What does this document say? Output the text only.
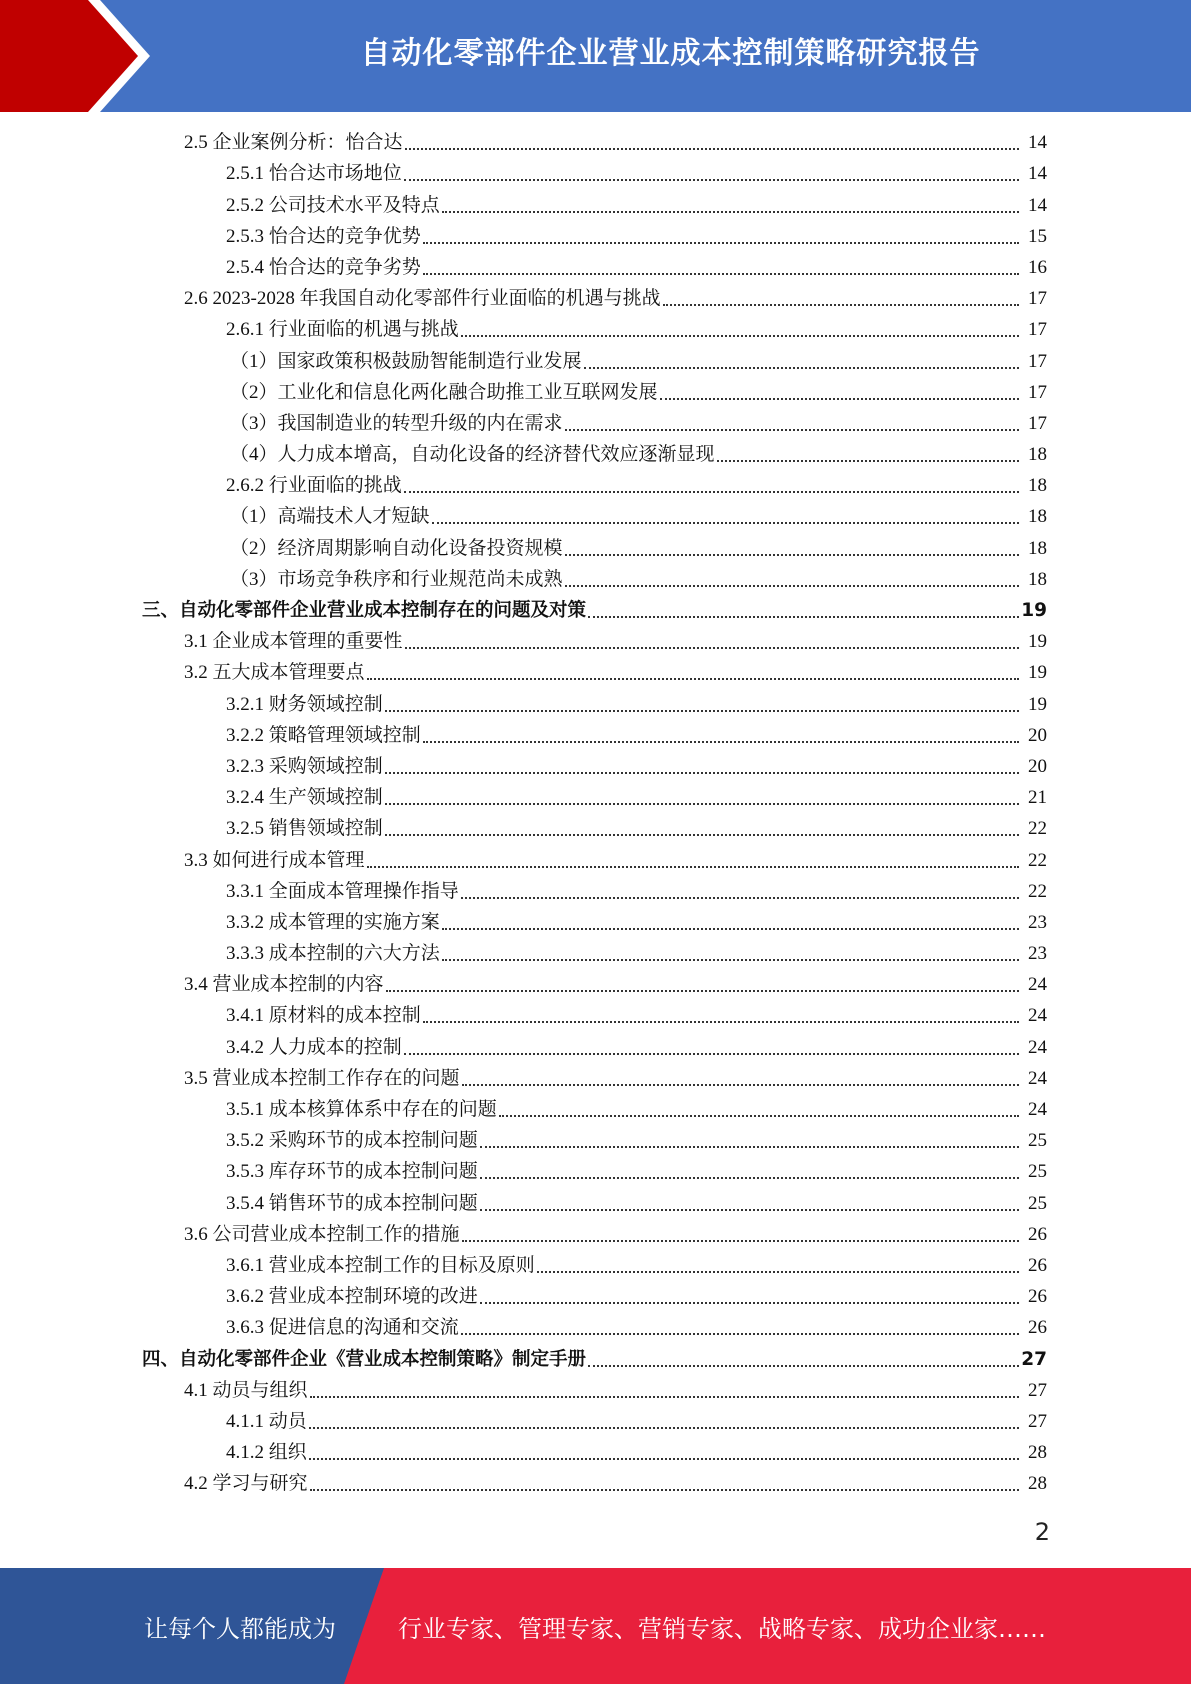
自动化零部件企业营业成本控制策略研究报告
2.5 企业案例分析：怡合达	14
2.5.1 怡合达市场地位	14
2.5.2 公司技术水平及特点	14
2.5.3 怡合达的竞争优势	15
2.5.4 怡合达的竞争劣势	16
2.6 2023-2028 年我国自动化零部件行业面临的机遇与挑战	17
2.6.1 行业面临的机遇与挑战	17
（1）国家政策积极鼓励智能制造行业发展	17
（2）工业化和信息化两化融合助推工业互联网发展	17
（3）我国制造业的转型升级的内在需求	17
（4）人力成本增高，自动化设备的经济替代效应逐渐显现	18
2.6.2 行业面临的挑战	18
（1）高端技术人才短缺	18
（2）经济周期影响自动化设备投资规模	18
（3）市场竞争秩序和行业规范尚未成熟	18
三、自动化零部件企业营业成本控制存在的问题及对策	19
3.1 企业成本管理的重要性	19
3.2 五大成本管理要点	19
3.2.1 财务领域控制	19
3.2.2 策略管理领域控制	20
3.2.3 采购领域控制	20
3.2.4 生产领域控制	21
3.2.5 销售领域控制	22
3.3 如何进行成本管理	22
3.3.1 全面成本管理操作指导	22
3.3.2 成本管理的实施方案	23
3.3.3 成本控制的六大方法	23
3.4 营业成本控制的内容	24
3.4.1 原材料的成本控制	24
3.4.2 人力成本的控制	24
3.5 营业成本控制工作存在的问题	24
3.5.1 成本核算体系中存在的问题	24
3.5.2 采购环节的成本控制问题	25
3.5.3 库存环节的成本控制问题	25
3.5.4 销售环节的成本控制问题	25
3.6 公司营业成本控制工作的措施	26
3.6.1 营业成本控制工作的目标及原则	26
3.6.2 营业成本控制环境的改进	26
3.6.3 促进信息的沟通和交流	26
四、自动化零部件企业《营业成本控制策略》制定手册	27
4.1 动员与组织	27
4.1.1 动员	27
4.1.2 组织	28
4.2 学习与研究	28
2
让每个人都能成为	行业专家、管理专家、营销专家、战略专家、成功企业家……
